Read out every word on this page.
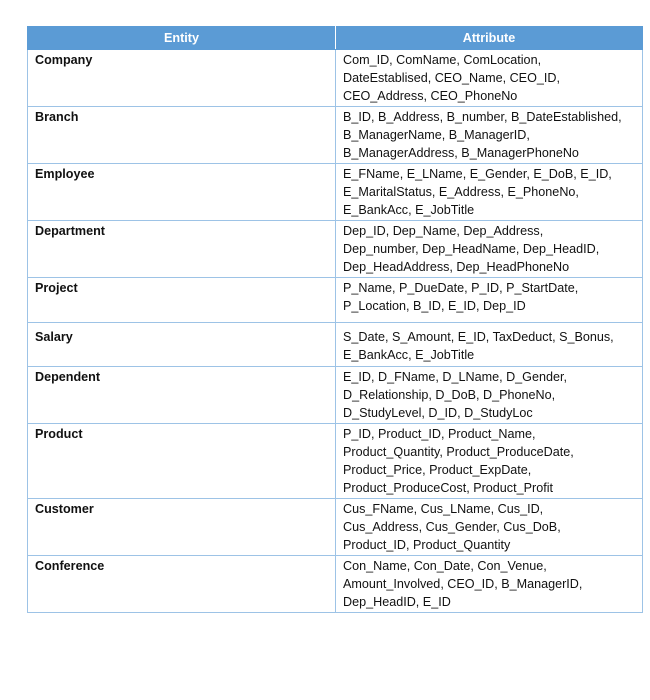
Entity	Attribute
Company	Com_ID, ComName, ComLocation,
DateEstablised, CEO_Name, CEO_ID,
CEO_Address, CEO_PhoneNo

Branch	B_ID, B_Address, B_number, B_DateEstablished,
B_ManagerName, B_ManagerID,
B_ManagerAddress, B_ManagerPhoneNo

Employee	E_FName, E_LName, E_Gender, E_DoB, E_ID,
E_MaritalStatus, E_Address, E_PhoneNo,
E_BankAcc, E_JobTitle

Department	Dep_ID, Dep_Name, Dep_Address,
Dep_number, Dep_HeadName, Dep_HeadID,
Dep_HeadAddress, Dep_HeadPhoneNo

Project	P_Name, P_DueDate, P_ID, P_StartDate,
P_Location, B_ID, E_ID, Dep_ID

Salary	S_Date, S_Amount, E_ID, TaxDeduct, S_Bonus,
E_BankAcc, E_JobTitle

Dependent	E_ID, D_FName, D_LName, D_Gender,
D_Relationship, D_DoB, D_PhoneNo,
D_StudyLevel, D_ID, D_StudyLoc

Product	P_ID, Product_ID, Product_Name,
Product_Quantity, Product_ProduceDate,
Product_Price, Product_ExpDate,
Product_ProduceCost, Product_Profit

Customer	Cus_FName, Cus_LName, Cus_ID,
Cus_Address, Cus_Gender, Cus_DoB,
Product_ID, Product_Quantity

Conference	Con_Name, Con_Date, Con_Venue,
Amount_Involved, CEO_ID, B_ManagerID,
Dep_HeadID, E_ID
